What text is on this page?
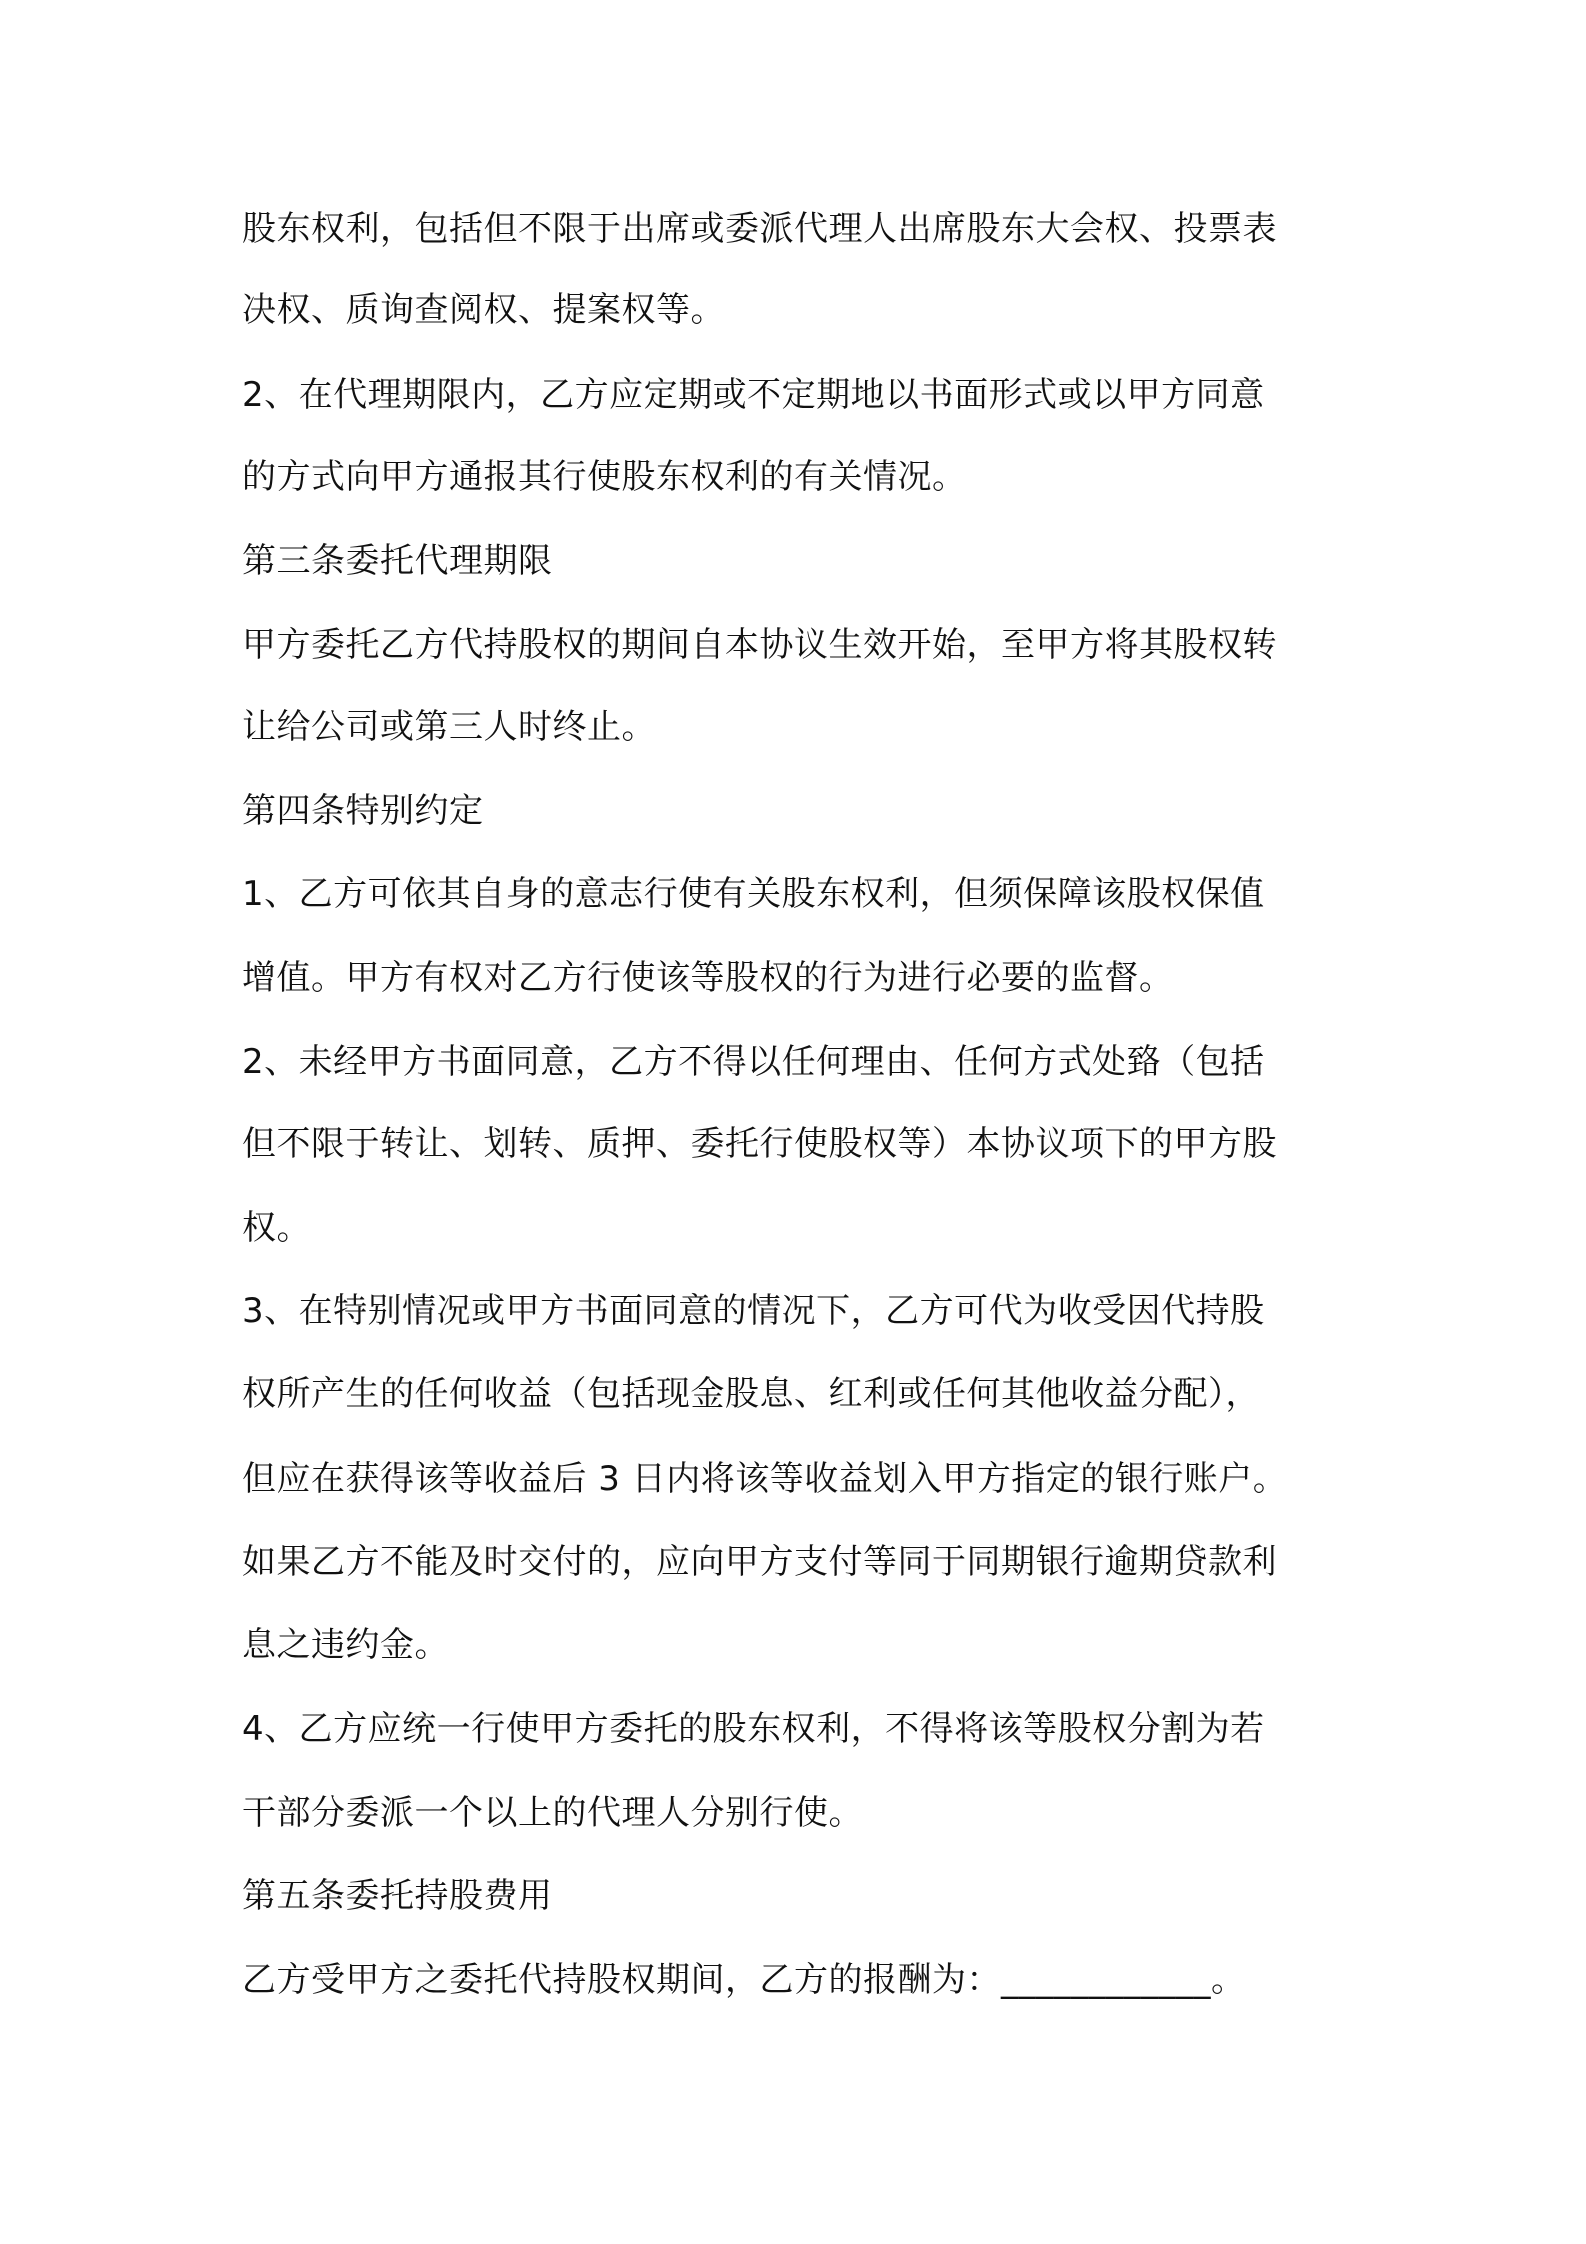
股东权利，包括但不限于出席或委派代理人出席股东大会权、投票表
决权、质询查阅权、提案权等。
2、在代理期限内，乙方应定期或不定期地以书面形式或以甲方同意
的方式向甲方通报其行使股东权利的有关情况。
第三条委托代理期限
甲方委托乙方代持股权的期间自本协议生效开始，至甲方将其股权转
让给公司或第三人时终止。
第四条特别约定
1、乙方可依其自身的意志行使有关股东权利，但须保障该股权保值
增值。甲方有权对乙方行使该等股权的行为进行必要的监督。
2、未经甲方书面同意，乙方不得以任何理由、任何方式处臵（包括
但不限于转让、划转、质押、委托行使股权等）本协议项下的甲方股
权。
3、在特别情况或甲方书面同意的情况下，乙方可代为收受因代持股
权所产生的任何收益（包括现金股息、红利或任何其他收益分配），
但应在获得该等收益后 3 日内将该等收益划入甲方指定的银行账户。
如果乙方不能及时交付的，应向甲方支付等同于同期银行逾期贷款利
息之违约金。
4、乙方应统一行使甲方委托的股东权利，不得将该等股权分割为若
干部分委派一个以上的代理人分别行使。
第五条委托持股费用
乙方受甲方之委托代持股权期间，乙方的报酬为：____________。
